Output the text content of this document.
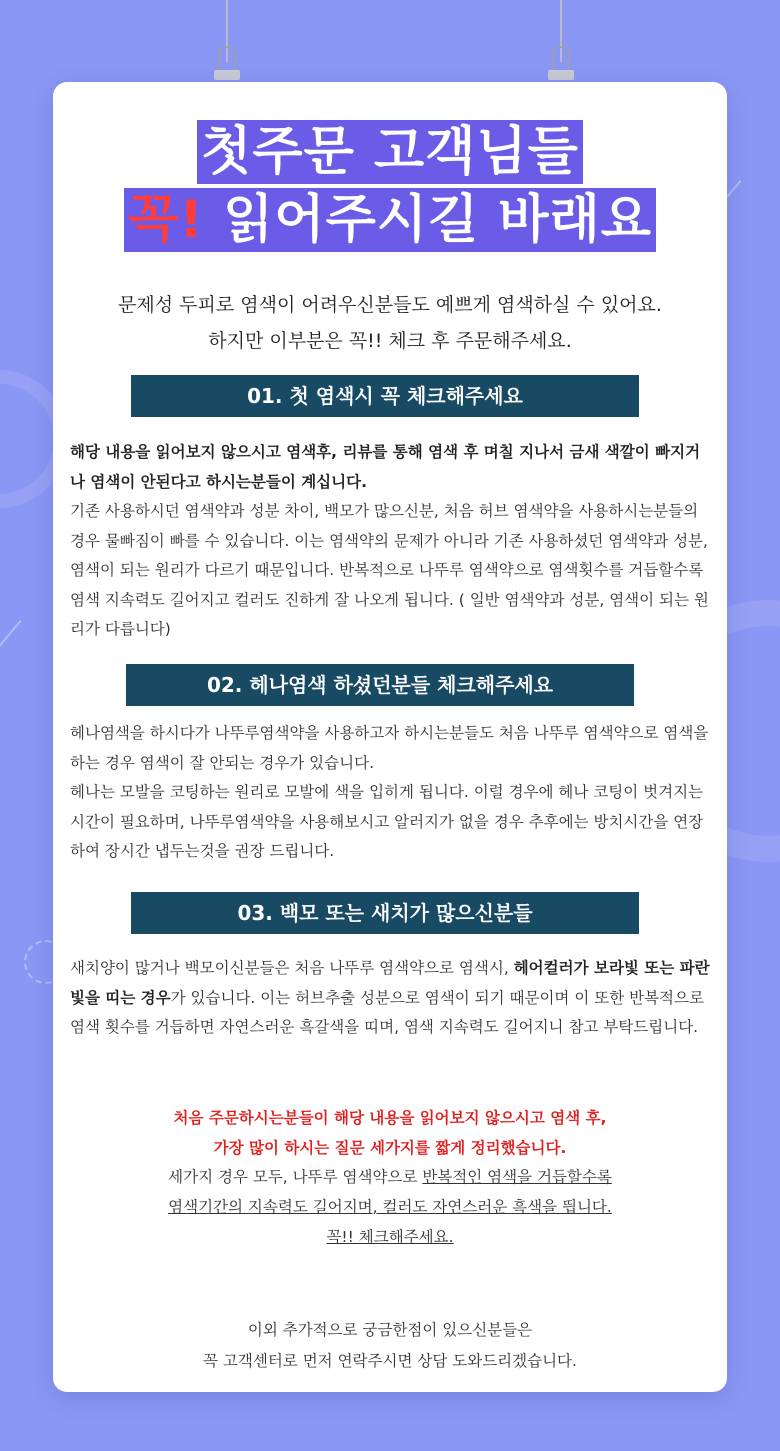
첫주문 고객님들
꼭! 읽어주시길 바래요

문제성 두피로 염색이 어려우신분들도 예쁘게 염색하실 수 있어요.

하지만 이부분은 꼭!! 체크 후 주문해주세요.

01. 첫 염색시 꼭 체크해주세요

해당 내용을 읽어보지 않으시고 염색후, 리뷰를 통해 염색 후 며칠 지나서 금새 색깔이 빠지거나 염색이 안된다고 하시는분들이 계십니다.

기존 사용하시던 염색약과 성분 차이, 백모가 많으신분, 처음 허브 염색약을 사용하시는분들의 경우 물빠짐이 빠를 수 있습니다. 이는 염색약의 문제가 아니라 기존 사용하셨던 염색약과 성분, 염색이 되는 원리가 다르기 때문입니다. 반복적으로 나뚜루 염색약으로 염색횟수를 거듭할수록 염색 지속력도 길어지고 컬러도 진하게 잘 나오게 됩니다. ( 일반 염색약과 성분, 염색이 되는 원리가 다릅니다)

02. 헤나염색 하셨던분들 체크해주세요

헤나염색을 하시다가 나뚜루염색약을 사용하고자 하시는분들도 처음 나뚜루 염색약으로 염색을 하는 경우 염색이 잘 안되는 경우가 있습니다.

헤나는 모발을 코팅하는 원리로 모발에 색을 입히게 됩니다. 이럴 경우에 헤나 코팅이 벗겨지는 시간이 필요하며, 나뚜루염색약을 사용해보시고 알러지가 없을 경우 추후에는 방치시간을 연장하여 장시간 냅두는것을 권장 드립니다.

03. 백모 또는 새치가 많으신분들

새치양이 많거나 백모이신분들은 처음 나뚜루 염색약으로 염색시, 헤어컬러가 보라빛 또는 파란빛을 띠는 경우가 있습니다. 이는 허브추출 성분으로 염색이 되기 때문이며 이 또한 반복적으로 염색 횟수를 거듭하면 자연스러운 흑갈색을 띠며, 염색 지속력도 길어지니 참고 부탁드립니다.

처음 주문하시는분들이 해당 내용을 읽어보지 않으시고 염색 후,

가장 많이 하시는 질문 세가지를 짧게 정리했습니다.

세가지 경우 모두, 나뚜루 염색약으로 반복적인 염색을 거듭할수록

염색기간의 지속력도 길어지며, 컬러도 자연스러운 흑색을 띕니다.

꼭!! 체크해주세요.

이외 추가적으로 궁금한점이 있으신분들은

꼭 고객센터로 먼저 연락주시면 상담 도와드리겠습니다.
